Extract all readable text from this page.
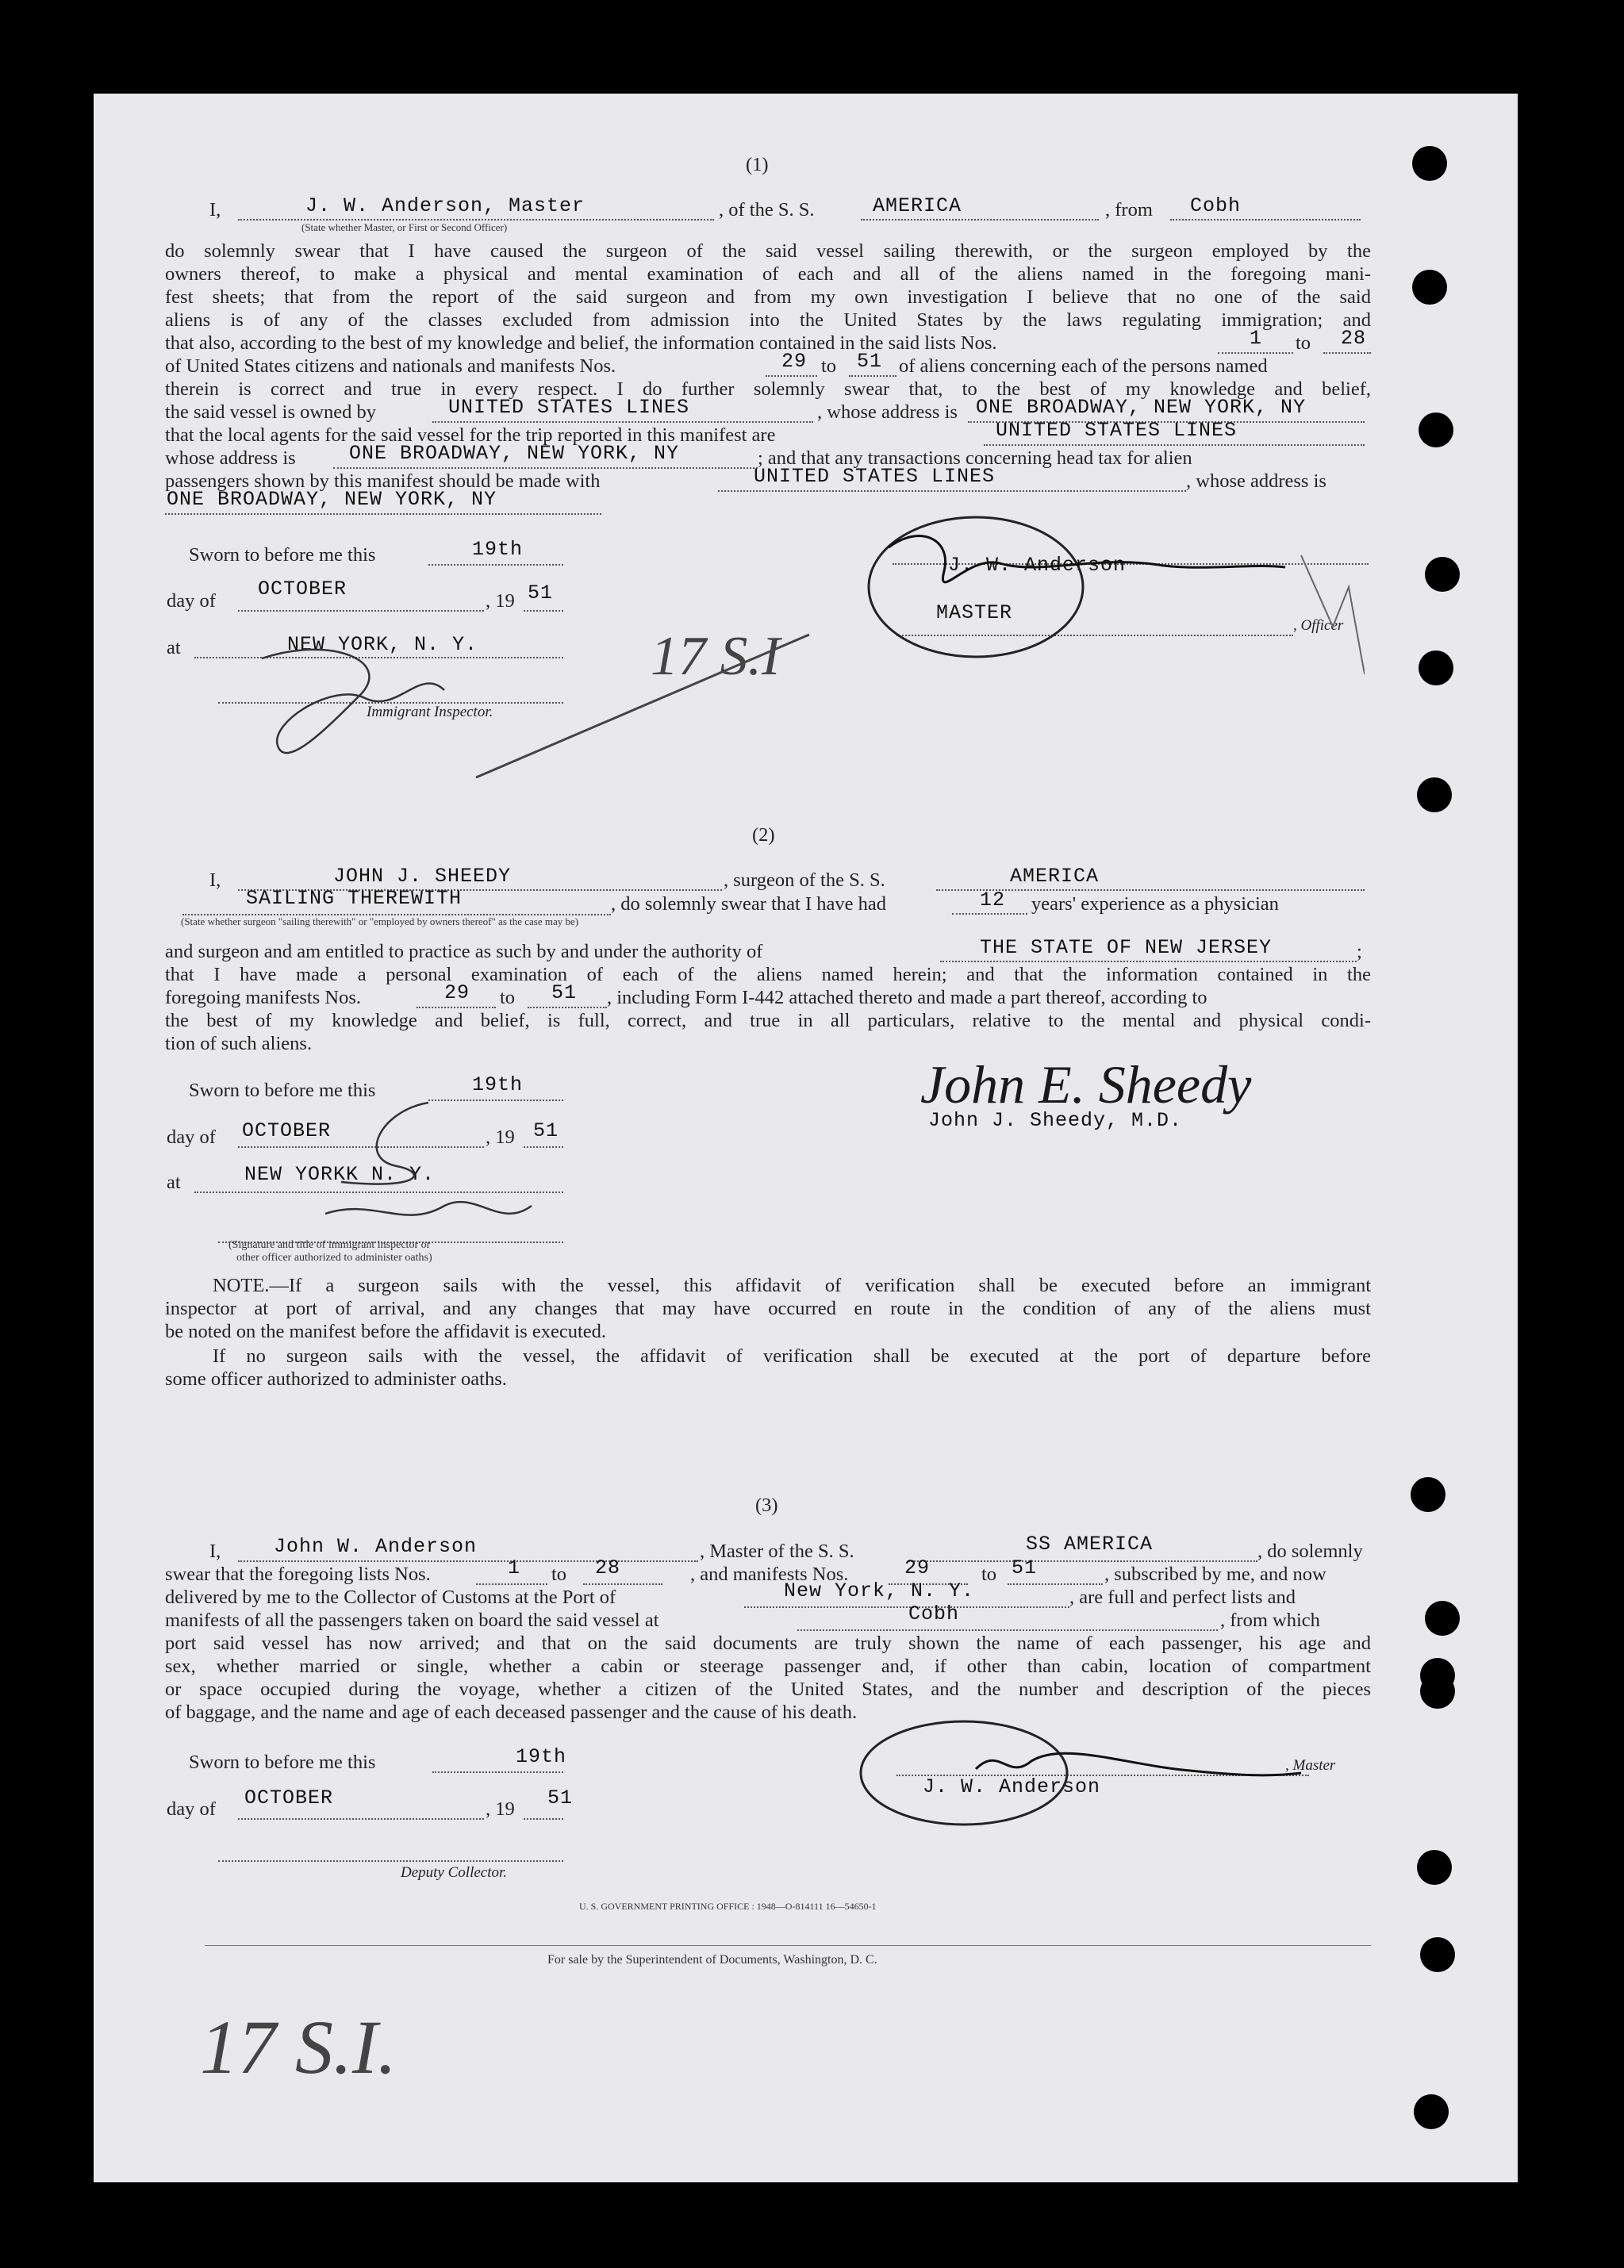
(1)
I,	J. W. Anderson, Master
(State whether Master, or First or Second Officer)
, of the S. S.	AMERICA	, from Cobh
do solemnly swear that I have caused the surgeon of the said vessel sailing therewith, or the surgeon employed by the
owners thereof, to make a physical and mental examination of each and all of the aliens named in the foregoing mani-
fest sheets; that from the report of the said surgeon and from my own investigation I believe that no one of the said
aliens is of any of the classes excluded from admission into the United States by the laws regulating immigration; and
that also, according to the best of my knowledge and belief, the information contained in the said lists Nos.	1 to 28
of United States citizens and nationals and manifests Nos.	29 to 51 of aliens concerning each of the persons named
therein is correct and true in every respect. I do further solemnly swear that, to the best of my knowledge and belief,
the said vessel is owned by	UNITED STATES LINES	, whose address is ONE BROADWAY, NEW YORK, NY
that the local agents for the said vessel for the trip reported in this manifest are	UNITED STATES LINES
whose address is	ONE BROADWAY, NEW YORK, NY	; and that any transactions concerning head tax for alien
passengers shown by this manifest should be made with	UNITED STATES LINES	, whose address is
ONE BROADWAY, NEW YORK, NY
Sworn to before me this	19th
day of
OCTOBER
, 19 51
at	NEW YORK, N. Y.
Immigrant Inspector.
J. W. Anderson
MASTER
, Officer
17 S.I
(2)
I,	JOHN J. SHEEDY	, surgeon of the S. S.	AMERICA
SAILING THEREWITH	, do solemnly swear that I have had	12 years' experience as a physician
(State whether surgeon "sailing therewith" or "employed by owners thereof" as the case may be)
and surgeon and am entitled to practice as such by and under the authority of	THE STATE OF NEW JERSEY	;
that I have made a personal examination of each of the aliens named herein; and that the information contained in the
foregoing manifests Nos.	29 to 51 , including Form I-442 attached thereto and made a part thereof, according to
the best of my knowledge and belief, is full, correct, and true in all particulars, relative to the mental and physical condi-
tion of such aliens.
Sworn to before me this	19th
day of OCTOBER	, 19 51
at	NEW YORKK N. Y.
(Signature and title of immigrant inspector or
other officer authorized to administer oaths)
John E. Sheedy
John J. Sheedy, M.D.
NOTE.—If a surgeon sails with the vessel, this affidavit of verification shall be executed before an immigrant
inspector at port of arrival, and any changes that may have occurred en route in the condition of any of the aliens must
be noted on the manifest before the affidavit is executed.
If no surgeon sails with the vessel, the affidavit of verification shall be executed at the port of departure before
some officer authorized to administer oaths.
(3)
I,	John W. Anderson	, Master of the S. S.	SS AMERICA	, do solemnly
swear that the foregoing lists Nos.	1 to 28	, and manifests Nos.	29	to 51	, subscribed by me, and now
delivered by me to the Collector of Customs at the Port of	New York, N. Y.	, are full and perfect lists and
manifests of all the passengers taken on board the said vessel at	Cobh	, from which
port said vessel has now arrived; and that on the said documents are truly shown the name of each passenger, his age and
sex, whether married or single, whether a cabin or steerage passenger and, if other than cabin, location of compartment
or space occupied during the voyage, whether a citizen of the United States, and the number and description of the pieces
of baggage, and the name and age of each deceased passenger and the cause of his death.
Sworn to before me this	19th
day of OCTOBER	, 19 51
Deputy Collector.
, Master
J. W. Anderson
U. S. GOVERNMENT PRINTING OFFICE : 1948—O-814111 16—54650-1
For sale by the Superintendent of Documents, Washington, D. C.
17 S.I.
